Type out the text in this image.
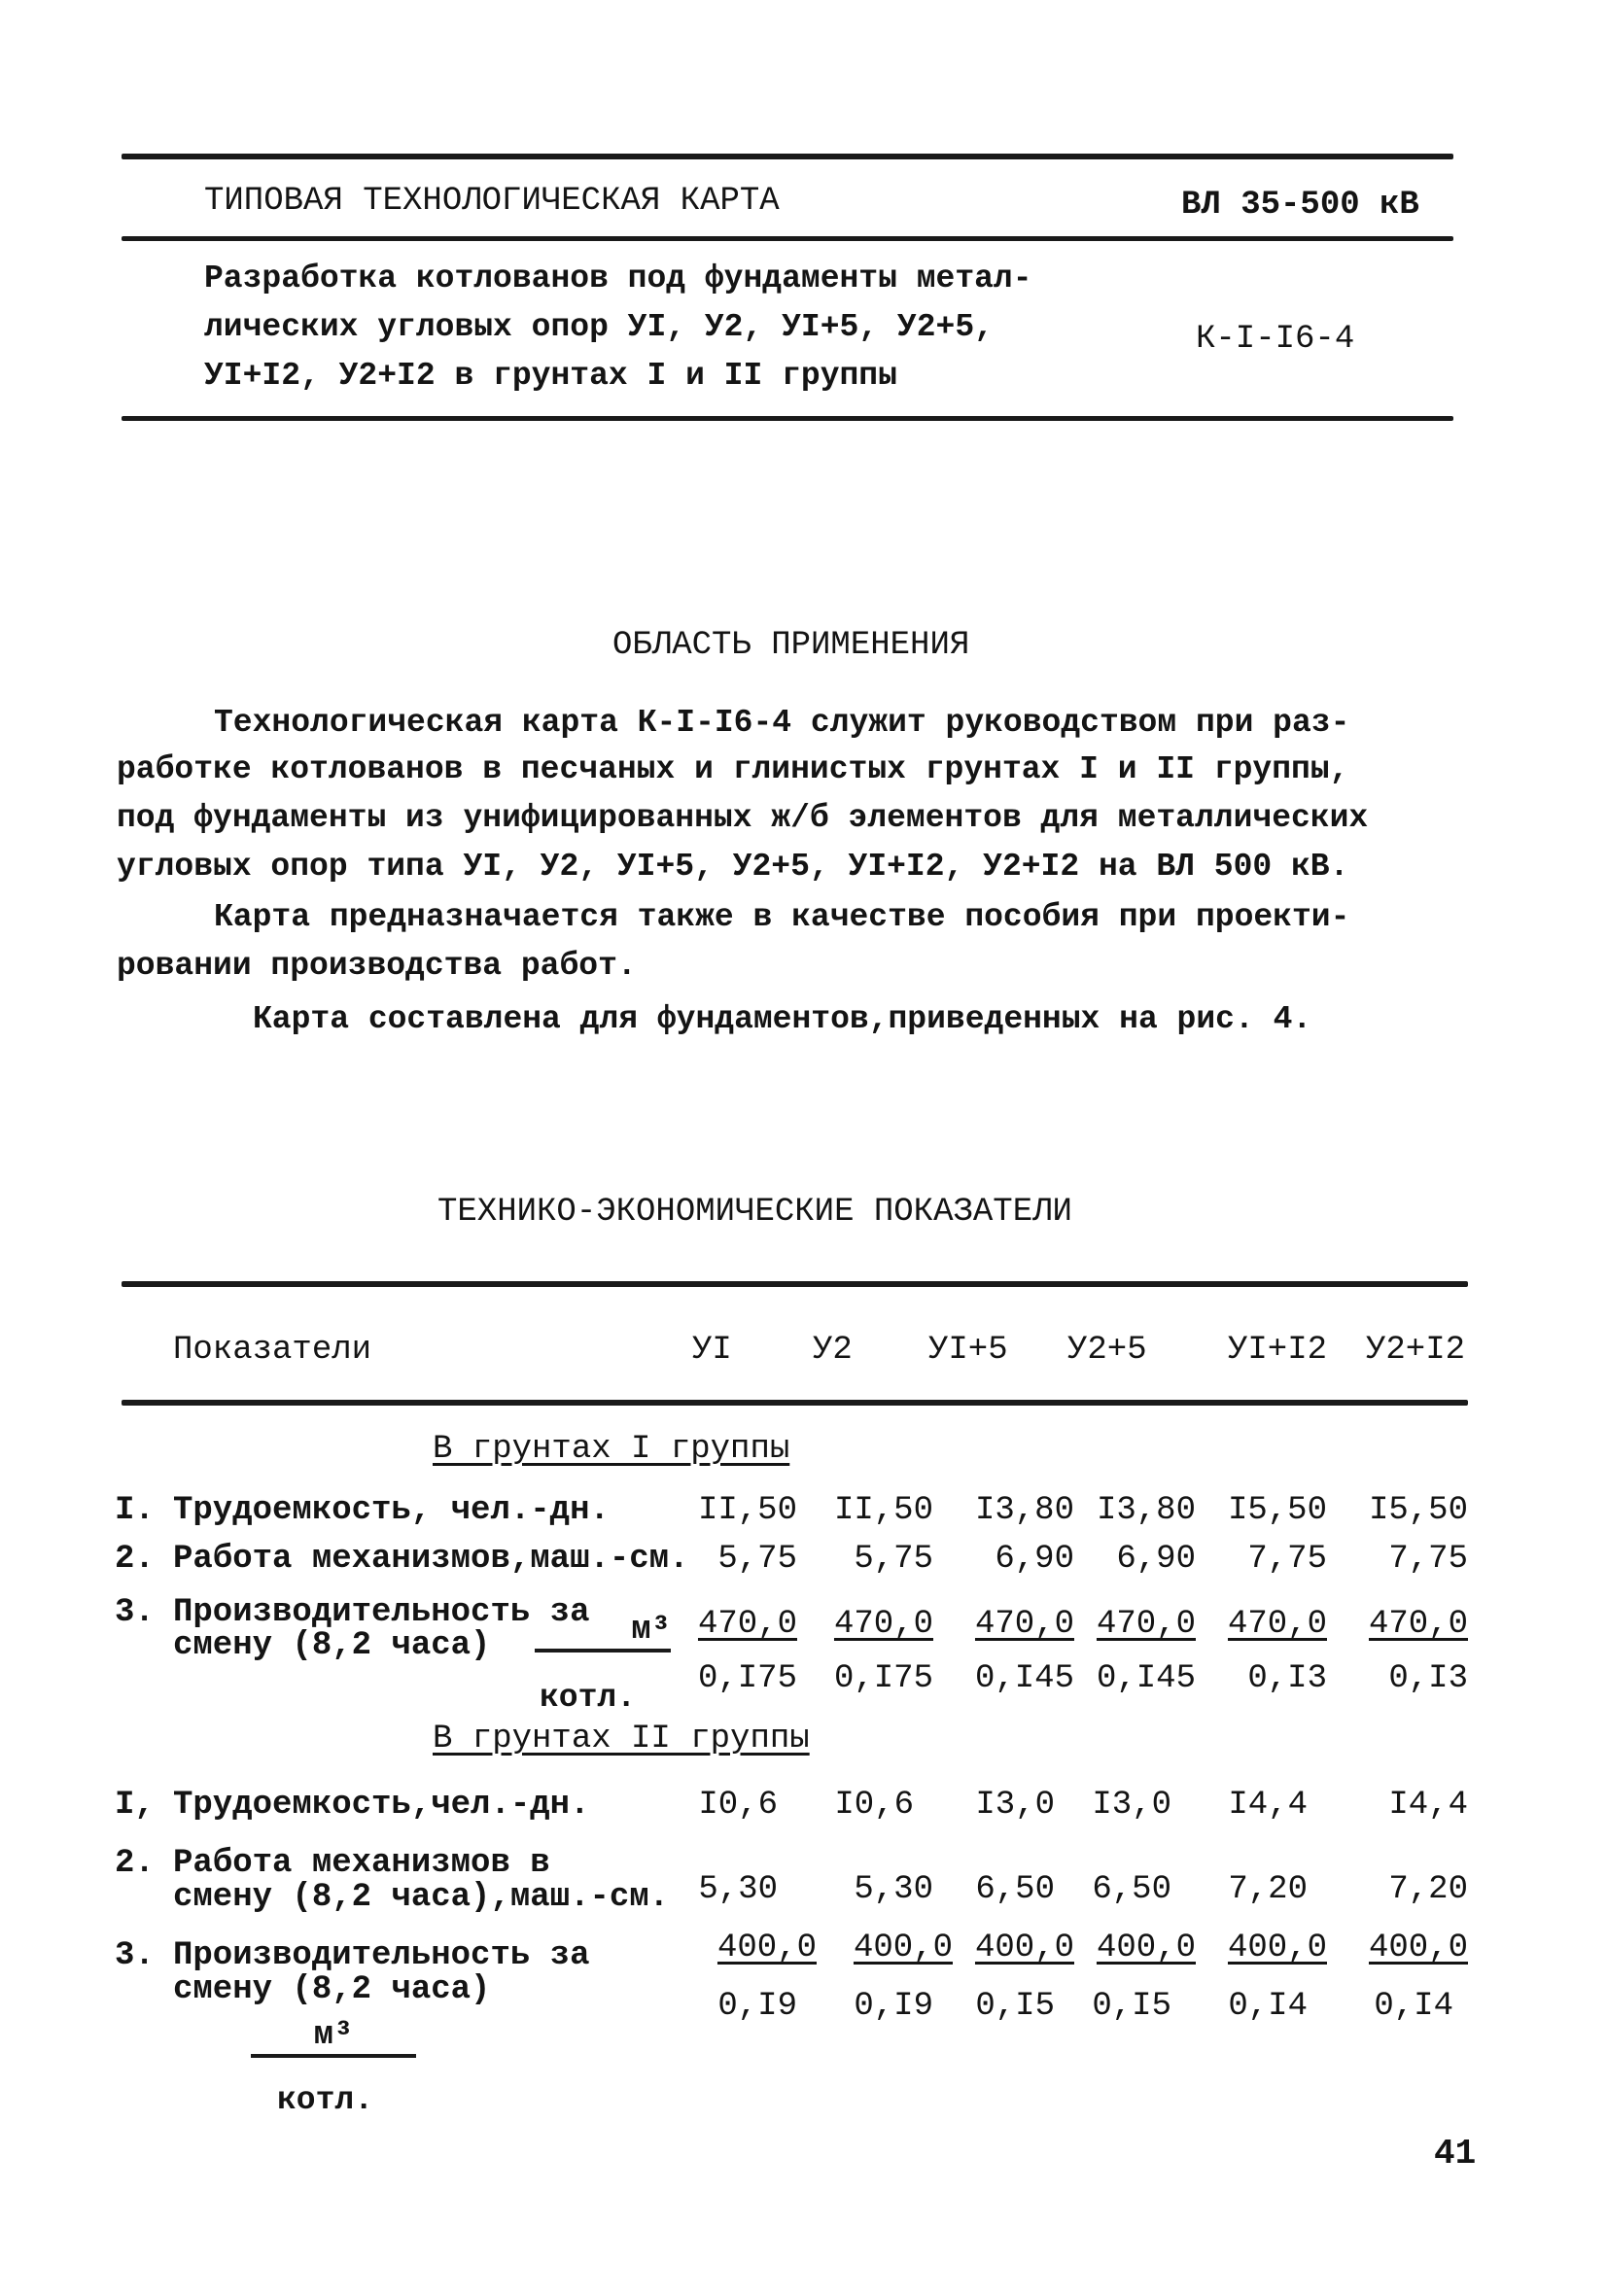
ТИПОВАЯ ТЕХНОЛОГИЧЕСКАЯ КАРТА	ВЛ 35-500 кВ
Разработка котлованов под фундаменты метал-
лических угловых опор УI, У2, УI+5, У2+5,
УI+I2, У2+I2 в грунтах I и II группы
К-I-I6-4
ОБЛАСТЬ ПРИМЕНЕНИЯ
Технологическая карта К-I-I6-4 служит руководством при раз-
работке котлованов в песчаных и глинистых грунтах I и II группы,
под фундаменты из унифицированных ж/б элементов для металлических
угловых опор типа УI, У2, УI+5, У2+5, УI+I2, У2+I2 на ВЛ 500 кВ.
Карта предназначается также в качестве пособия при проекти-
ровании производства работ.
Карта составлена для фундаментов,приведенных на рис. 4.
ТЕХНИКО-ЭКОНОМИЧЕСКИЕ ПОКАЗАТЕЛИ
Показатели	УI У2 УI+5 У2+5 УI+I2 У2+I2
В грунтах I группы
I. Трудоемкость, чел.-дн.	II,50	II,50	I3,80 I3,80 I5,50	I5,50
2. Работа механизмов,маш.-см. 5,75	5,75	6,90	6,90	7,75	7,75
3. Производительность за
смену (8,2 часа)	м³
котл.
470,0	470,0	470,0 470,0 470,0	470,0
0,I75	0,I75	0,I45 0,I45	0,I3	0,I3
В грунтах II группы
I, Трудоемкость,чел.-дн.	I0,6	I0,6	I3,0	I3,0	I4,4	I4,4
2. Работа механизмов в
смену (8,2 часа),маш.-см. 5,30	5,30	6,50	6,50	7,20	7,20
3. Производительность за
смену (8,2 часа)
400,0	400,0 400,0 400,0 400,0	400,0
0,I9	0,I9	0,I5	0,I5	0,I4	0,I4
м³
котл.
41
